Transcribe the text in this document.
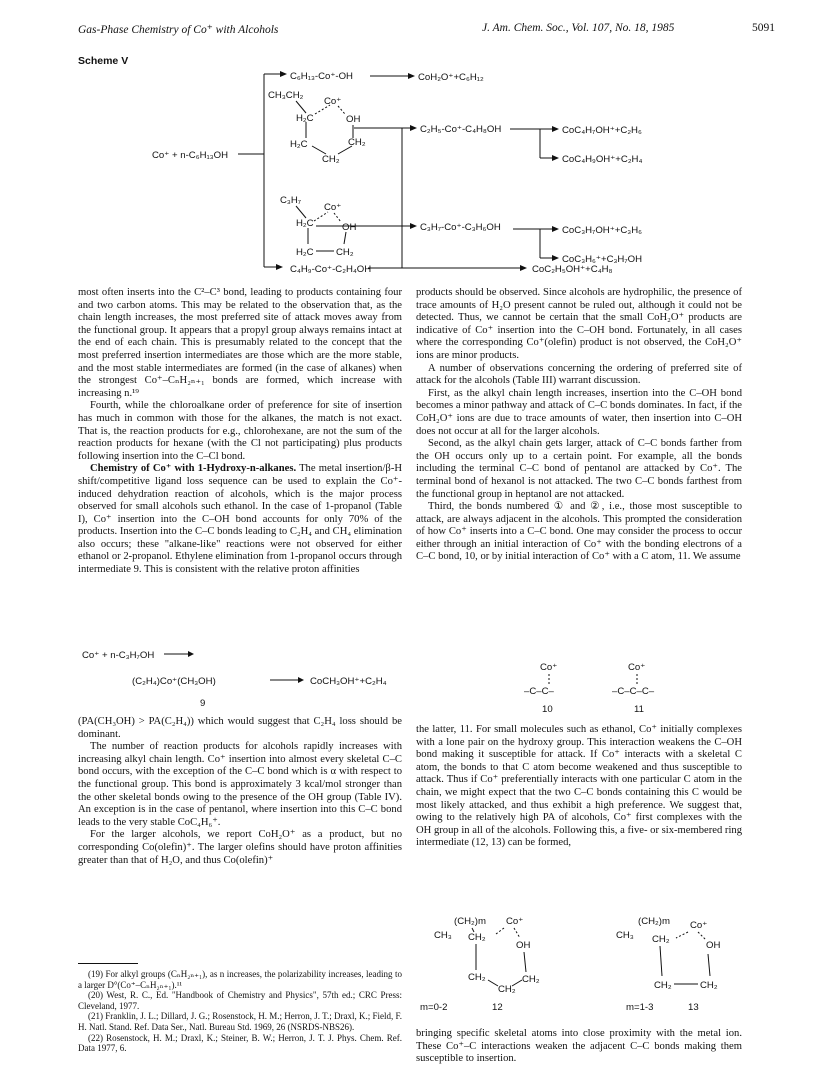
Gas-Phase Chemistry of Co⁺ with Alcohols	J. Am. Chem. Soc., Vol. 107, No. 18, 1985	5091
Scheme V
Co⁺ + n-C₆H₁₃OH
C₆H₁₃-Co⁺-OH	CoH₂O⁺+C₆H₁₂
CH₃CH₂
Co⁺
H₂C	OH
H₂C	CH₂
CH₂
C₂H₅-Co⁺-C₄H₈OH	CoC₄H₇OH⁺+C₂H₆
CoC₄H₉OH⁺+C₂H₄
C₃H₇
Co⁺
H₂C	OH
H₂C CH₂
C₃H₇-Co⁺-C₃H₆OH	CoC₃H₇OH⁺+C₃H₆
CoC₃H₆⁺+C₃H₇OH
C₄H₉-Co⁺-C₂H₄OH	CoC₂H₅OH⁺+C₄H₈

most often inserts into the C²–C³ bond, leading to products containing four and two carbon atoms. This may be related to the observation that, as the chain length increases, the most preferred site of attack moves away from the functional group. It appears that a propyl group always remains intact at the end of each chain. This is presumably related to the concept that the most preferred insertion intermediates are those which are the more stable, and the most stable intermediates are formed (in the case of alkanes) when the strongest Co⁺–CₙH₂ₙ₊₁ bonds are formed, which increase with increasing n.¹⁹

Fourth, while the chloroalkane order of preference for site of insertion has much in common with those for the alkanes, the match is not exact. That is, the reaction products for e.g., chlorohexane, are not the sum of the reaction products for hexane (with the Cl not participating) plus products following insertion into the C–Cl bond.

Chemistry of Co⁺ with 1-Hydroxy-n-alkanes. The metal insertion/β-H shift/competitive ligand loss sequence can be used to explain the Co⁺-induced dehydration reaction of alcohols, which is the major process observed for small alcohols such ethanol. In the case of 1-propanol (Table I), Co⁺ insertion into the C–OH bond accounts for only 70% of the products. Insertion into the C–C bonds leading to C₂H₄ and CH₄ elimination also occurs; these "alkane-like" reactions were not observed for either ethanol or 2-propanol. Ethylene elimination from 1-propanol occurs through intermediate 9. This is consistent with the relative proton affinities

Co⁺ + n-C₃H₇OH
(C₂H₄)Co⁺(CH₃OH)	CoCH₃OH⁺+C₂H₄
9

(PA(CH₃OH) > PA(C₂H₄)) which would suggest that C₂H₄ loss should be dominant.

The number of reaction products for alcohols rapidly increases with increasing alkyl chain length. Co⁺ insertion into almost every skeletal C–C bond occurs, with the exception of the C–C bond which is α with respect to the functional group. This bond is approximately 3 kcal/mol stronger than the other skeletal bonds owing to the presence of the OH group (Table IV). An exception is in the case of pentanol, where insertion into this C–C bond leads to the very stable CoC₄H₆⁺.

For the larger alcohols, we report CoH₂O⁺ as a product, but no corresponding Co(olefin)⁺. The larger olefins should have proton affinities greater than that of H₂O, and thus Co(olefin)⁺

(19) For alkyl groups (CₙH₂ₙ₊₁), as n increases, the polarizability increases, leading to a larger D°(Co⁺–CₙH₂ₙ₊₁).¹¹

(20) West, R. C., Ed. "Handbook of Chemistry and Physics", 57th ed.; CRC Press: Cleveland, 1977.

(21) Franklin, J. L.; Dillard, J. G.; Rosenstock, H. M.; Herron, J. T.; Draxl, K.; Field, F. H. Natl. Stand. Ref. Data Ser., Natl. Bureau Std. 1969, 26 (NSRDS-NBS26).

(22) Rosenstock, H. M.; Draxl, K.; Steiner, B. W.; Herron, J. T. J. Phys. Chem. Ref. Data 1977, 6.

products should be observed. Since alcohols are hydrophilic, the presence of trace amounts of H₂O present cannot be ruled out, although it could not be detected. Thus, we cannot be certain that the small CoH₂O⁺ products are indicative of Co⁺ insertion into the C–OH bond. Fortunately, in all cases where the corresponding Co⁺(olefin) product is not observed, the CoH₂O⁺ ions are minor products.

A number of observations concerning the ordering of preferred site of attack for the alcohols (Table III) warrant discussion.

First, as the alkyl chain length increases, insertion into the C–OH bond becomes a minor pathway and attack of C–C bonds dominates. In fact, if the CoH₂O⁺ ions are due to trace amounts of water, then insertion into C–OH does not occur at all for the larger alcohols.

Second, as the alkyl chain gets larger, attack of C–C bonds farther from the OH occurs only up to a certain point. For example, all the bonds including the terminal C–C bond of pentanol are attacked by Co⁺. The terminal bond of hexanol is not attacked. The two C–C bonds farthest from the functional group in heptanol are not attacked.

Third, the bonds numbered ① and ②, i.e., those most susceptible to attack, are always adjacent in the alcohols. This prompted the consideration of how Co⁺ inserts into a C–C bond. One may consider the process to occur either through an initial interaction of Co⁺ with the bonding electrons of a C–C bond, 10, or by initial interaction of Co⁺ with a C atom, 11. We assume

Co⁺
–C–C–
10
Co⁺
–C–C–C–
11

the latter, 11. For small molecules such as ethanol, Co⁺ initially complexes with a lone pair on the hydroxy group. This interaction weakens the C–OH bond making it susceptible for attack. If Co⁺ interacts with a skeletal C atom, the bonds to that C atom become weakened and thus susceptible to attack. Thus if Co⁺ preferentially interacts with one particular C atom in the chain, we might expect that the two C–C bonds containing this C would be most likely attacked, and thus exhibit a high preference. We suggest that, owing to the relatively high PA of alcohols, Co⁺ first complexes with the OH group in all of the alcohols. Following this, a five- or six-membered ring intermediate (12, 13) can be formed,

(CH₂)m Co⁺
CH₃ CH₂
OH
CH₂	CH₂
CH₂
m=0-2	12
(CH₂)m Co⁺
CH₃ CH₂
OH
CH₂	CH₂
m=1-3	13

bringing specific skeletal atoms into close proximity with the metal ion. These Co⁺–C interactions weaken the adjacent C–C bonds making them susceptible to insertion.
